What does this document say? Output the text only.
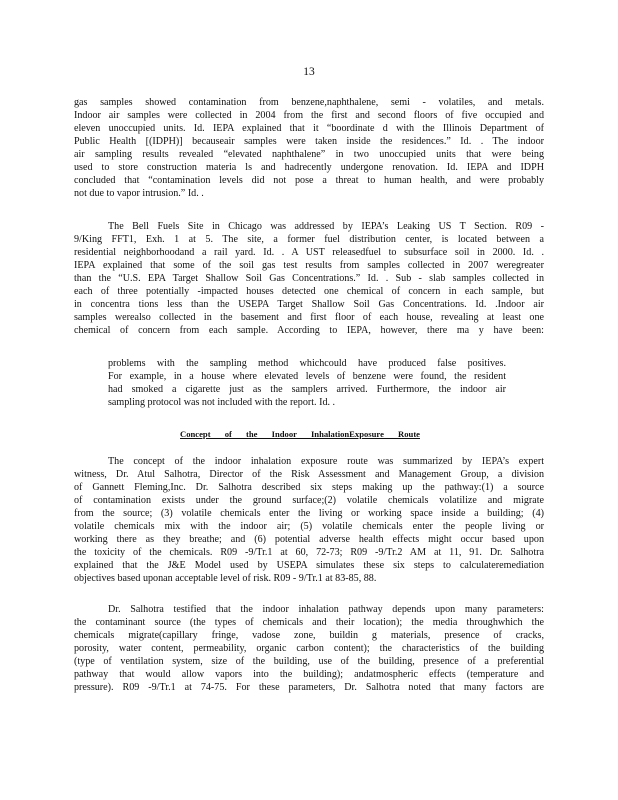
13
gas samples showed contamination from benzene,naphthalene, semi - volatiles, and metals.
Indoor air samples were collected in 2004 from the first and second floors of five occupied and
eleven unoccupied units. Id. IEPA explained that it “boordinate d with the Illinois Department of
Public Health [(IDPH)] becauseair samples were taken inside the residences.” Id. . The indoor
air sampling results revealed “elevated naphthalene” in two unoccupied units that were being
used to store construction materia ls and hadrecently undergone renovation. Id. IEPA and IDPH
concluded that “contamination levels did not pose a threat to human health, and were probably
not due to vapor intrusion.” Id. .
The Bell Fuels Site in Chicago was addressed by IEPA’s Leaking US T Section. R09 -
9/King FFT1, Exh. 1 at 5. The site, a former fuel distribution center, is located between a
residential neighborhoodand a rail yard. Id. . A UST releasedfuel to subsurface soil in 2000. Id. .
IEPA explained that some of the soil gas test results from samples collected in 2007 weregreater
than the “U.S. EPA Target Shallow Soil Gas Concentrations.” Id. . Sub - slab samples collected in
each of three potentially -impacted houses detected one chemical of concern in each sample, but
in concentra tions less than the USEPA Target Shallow Soil Gas Concentrations. Id. .Indoor air
samples werealso collected in the basement and first floor of each house, revealing at least one
chemical of concern from each sample. According to IEPA, however, there ma y have been:
problems with the sampling method whichcould have produced false positives.
For example, in a house where elevated levels of benzene were found, the resident
had smoked a cigarette just as the samplers arrived. Furthermore, the indoor air
sampling protocol was not included with the report. Id. .
Concept of the Indoor InhalationExposure Route
The concept of the indoor inhalation exposure route was summarized by IEPA’s expert
witness, Dr. Atul Salhotra, Director of the Risk Assessment and Management Group, a division
of Gannett Fleming,Inc. Dr. Salhotra described six steps making up the pathway:(1) a source
of contamination exists under the ground surface;(2) volatile chemicals volatilize and migrate
from the source; (3) volatile chemicals enter the living or working space inside a building; (4)
volatile chemicals mix with the indoor air; (5) volatile chemicals enter the people living or
working there as they breathe; and (6) potential adverse health effects might occur based upon
the toxicity of the chemicals. R09 -9/Tr.1 at 60, 72-73; R09 -9/Tr.2 AM at 11, 91. Dr. Salhotra
explained that the J&E Model used by USEPA simulates these six steps to calculateremediation
objectives based uponan acceptable level of risk. R09 - 9/Tr.1 at 83-85, 88.
Dr. Salhotra testified that the indoor inhalation pathway depends upon many parameters:
the contaminant source (the types of chemicals and their location); the media throughwhich the
chemicals migrate(capillary fringe, vadose zone, buildin g materials, presence of cracks,
porosity, water content, permeability, organic carbon content); the characteristics of the building
(type of ventilation system, size of the building, use of the building, presence of a preferential
pathway that would allow vapors into the building); andatmospheric effects (temperature and
pressure). R09 -9/Tr.1 at 74-75. For these parameters, Dr. Salhotra noted that many factors are
